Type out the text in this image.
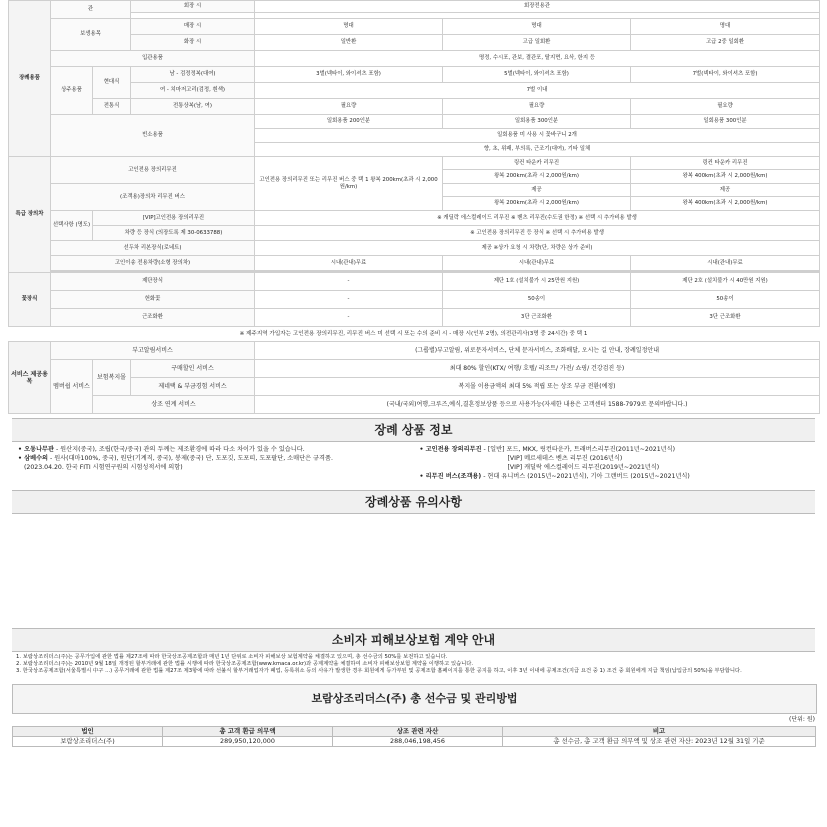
장례용품	관		회장 시	회장전용관		

	보생용목		매장 시	명대	명대	명대
			화장 시	일반환	고급 일회환	고급 2중 일회환
	입관용품			명정, 수시포, 관보, 결관포, 탈지면, 요삭, 한지 등		
	상주용품	현대식	남 - 검정정복(대여)	3벌(넥타이, 와이셔츠 포함)	5벌(넥타이, 와이셔츠 포함)	7벌(넥타이, 와이셔츠 포함)
			여 - 치마저고리(검정, 흰색)	7벌 이내		
		전통식	전통상복(남, 여)	필요량	필요량	필요량
	빈소용품			일회용품 200인분	일회용품 300인분	일회용품 300인분
				일회용품 미 사용 시 꽃바구니 2개		
				향, 초, 위패, 부의록, 근조기(대여), 기타 일체		
특급 장의차	고인전용 장의리무진			고인전용 장의리무진 또는 리무진 버스 중 택 1 왕복 200km(초과 시 2,000원/km)	링컨 타운카 리무진	링컨 타운카 리무진
					왕복 200km(초과 시 2,000원/km)	왕복 400km(초과 시 2,000원/km)
	(조객용)장의차 리무진 버스				제공	제공
					왕복 200km(초과 시 2,000원/km)	왕복 400km(초과 시 2,000원/km)
	선택사항 (명도)	[VIP]고인전용 장의리무진		※ 캐딜락 에스컬레이드 리무진 ※ 벤츠 리무진(수도권 한정) ※ 선택 시 추가비용 발생		
		차량 등 장식 (의장도록 제 30-0633788)		※ 고인전용 장의리무진 등 장식 ※ 선택 시 추가비용 발생		
	선두차 리본장식(로네트)			제공 ※상가 요청 시 차량(단, 차량은 상가 준비)		
	고인이송 전용차량(소형 장의차)			시내(관내)무료	시내(관내)무료	시내(관내)무료

꽃장식	제단장식			-	제단 1호 (설치불가 시 25만원 지원)	제단 2호 (설치불가 시 40만원 지원)
	헌화꽃			-	50송이	50송이
	근조화환			-	3단 근조화환	3단 근조화환
※ 제주지역 가입자는 고인전용 장의리무진, 리무진 버스 미 선택 시 또는 수의 준비 시 - 매장 시(인부 2명), 의전관리사(3명 중 24시간) 중 택 1
서비스 제공용목	부고알림서비스			(그룹별)부고알림, 위로문자서비스, 단체 문자서비스, 조화배달, 오시는 길 안내, 장례일정안내
	멤버쉽 서비스	보험복지몰	구매할인 서비스	최대 80% 할인(KTX/ 여행/ 호텔/ 리조트/ 가전/ 쇼핑/ 건강검진 등)
			제네택 & 부금경험 서비스	복지몰 이용금액의 최대 5% 적립 또는 상조 부금 전환(예정)
		상조 연계 서비스		(국내/국외)여행,크루즈,예식,결혼정보상품 등으로 사용가능(자세한 내용은 고객센터 1588-7979로 문의바랍니다.)
장례 상품 정보
• 오동나무관 - 원산지(중국), 조립(한국/중국) 관의 두께는 제조환경에 따라 다소 차이가 있을 수 있습니다.
• 삼베수의 - 원사(대마100%, 중국), 원단(기계직, 중국), 봉제(중국) 단, 도포깃, 도포띠, 도포팔단, 소매단은 규격품.
(2023.04.20. 한국 FITI 시험연구원의 시험성적서에 의함)
• 고인전용 장의리무진 - [일반] 포드, MKX, 링컨타운카, 트래버스리무진(2011년~2021년식)
[VIP] 메르세데스 벤츠 리무진 (2016년식)
[VIP] 캐딜락 에스컬레이드 리무진(2019년~2021년식)
• 리무진 버스(조객용) - 현대 유니버스 (2015년~2021년식), 기아 그랜버드 (2015년~2021년식)
장례상품 유의사항
소비자 피해보상보험 계약 안내
1. 보람상조리더스(주)는 공무가입에 관한 법률 제27조에 따라 한국상조공제조합과 매년 1년 단위로 소비자 피해보상 보험계약을 체결하고 있으며, 총 선수금의 50%를 보전하고 있습니다.
2. 보람상조리더스(주)는 2010년 9월 18일 개정된 할부거래에 관한 법률 시행에 따라 한국상조공제조합(www.kmaca.or.kr)과 공제계약을 체결하여 소비자 피해보상보험 계약을 이행하고 있습니다.
3. 한국상조공제조합(서울특별시 中구 ...) 공무거래에 관한 법률 제27조 제3항에 따라 선불식 할부거래업자가 폐업, 등록취소 등의 사유가 발생한 경우 회원에게 등가부된 및 공제조합 홈페이지를 통한 공지를 하고, 이후 3년 이내에 공제조건(지급 요건 중 1) 조건 중 회원에게 지급 책임(납입금의 50%)을 부담합니다.
보람상조리더스(주) 총 선수금 및 관리방법
(단위: 원)
법인	총 고객 환급 의무액	상조 관련 자산	비고
보람상조리더스(주)	289,950,120,000	288,046,198,456	총 선수금, 총 고객 환급 의무액 및 상조 관련 자산: 2023년 12월 31일 기준
